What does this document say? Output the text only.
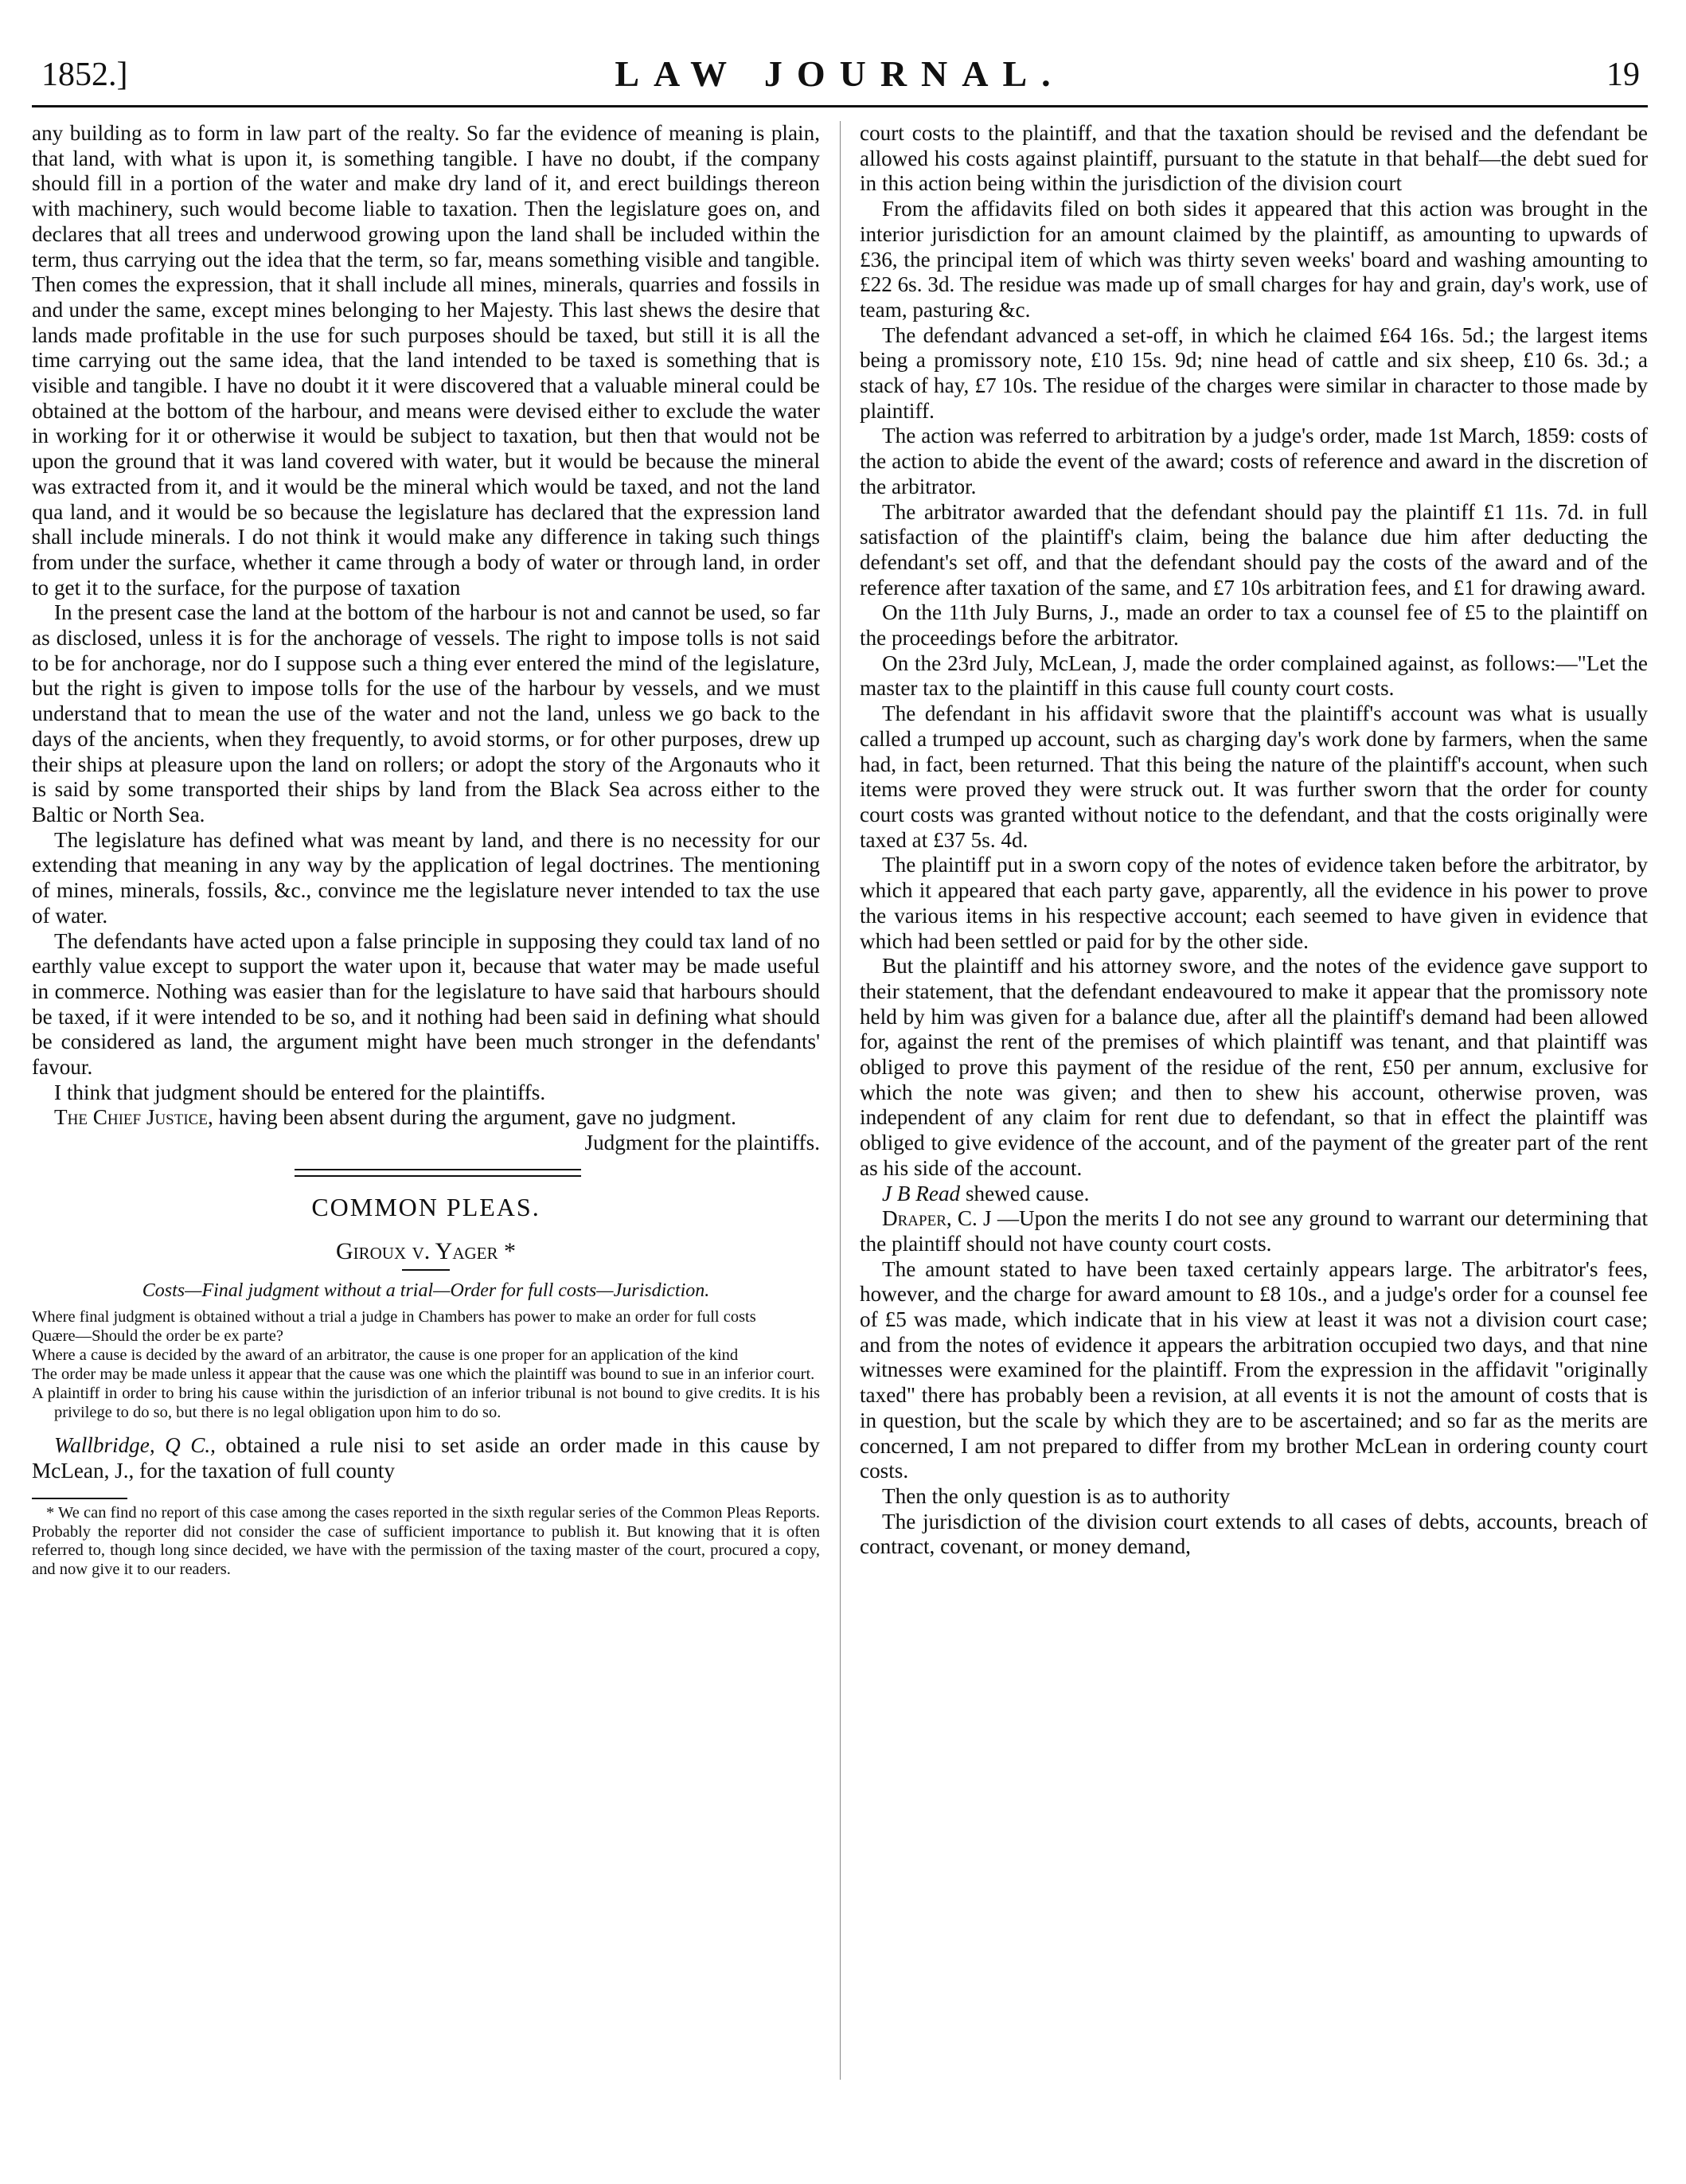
1852.]	LAW JOURNAL.	19

any building as to form in law part of the realty. So far the evidence of meaning is plain, that land, with what is upon it, is something tangible. I have no doubt, if the company should fill in a portion of the water and make dry land of it, and erect buildings thereon with machinery, such would become liable to taxation. Then the legislature goes on, and declares that all trees and underwood growing upon the land shall be included within the term, thus carrying out the idea that the term, so far, means something visible and tangible. Then comes the expression, that it shall include all mines, minerals, quarries and fossils in and under the same, except mines belonging to her Majesty. This last shews the desire that lands made profitable in the use for such purposes should be taxed, but still it is all the time carrying out the same idea, that the land intended to be taxed is something that is visible and tangible. I have no doubt it it were discovered that a valuable mineral could be obtained at the bottom of the harbour, and means were devised either to exclude the water in working for it or otherwise it would be subject to taxation, but then that would not be upon the ground that it was land covered with water, but it would be because the mineral was extracted from it, and it would be the mineral which would be taxed, and not the land qua land, and it would be so because the legislature has declared that the expression land shall include minerals. I do not think it would make any difference in taking such things from under the surface, whether it came through a body of water or through land, in order to get it to the surface, for the purpose of taxation

In the present case the land at the bottom of the harbour is not and cannot be used, so far as disclosed, unless it is for the anchorage of vessels. The right to impose tolls is not said to be for anchorage, nor do I suppose such a thing ever entered the mind of the legislature, but the right is given to impose tolls for the use of the harbour by vessels, and we must understand that to mean the use of the water and not the land, unless we go back to the days of the ancients, when they frequently, to avoid storms, or for other purposes, drew up their ships at pleasure upon the land on rollers; or adopt the story of the Argonauts who it is said by some transported their ships by land from the Black Sea across either to the Baltic or North Sea.

The legislature has defined what was meant by land, and there is no necessity for our extending that meaning in any way by the application of legal doctrines. The mentioning of mines, minerals, fossils, &c., convince me the legislature never intended to tax the use of water.

The defendants have acted upon a false principle in supposing they could tax land of no earthly value except to support the water upon it, because that water may be made useful in commerce. Nothing was easier than for the legislature to have said that harbours should be taxed, if it were intended to be so, and it nothing had been said in defining what should be considered as land, the argument might have been much stronger in the defendants' favour.

I think that judgment should be entered for the plaintiffs.

The Chief Justice, having been absent during the argument, gave no judgment.

Judgment for the plaintiffs.

COMMON PLEAS.
Giroux v. Yager *
Costs—Final judgment without a trial—Order for full costs—Jurisdiction.

Where final judgment is obtained without a trial a judge in Chambers has power to make an order for full costs

Quære—Should the order be ex parte?

Where a cause is decided by the award of an arbitrator, the cause is one proper for an application of the kind

The order may be made unless it appear that the cause was one which the plaintiff was bound to sue in an inferior court.

A plaintiff in order to bring his cause within the jurisdiction of an inferior tribunal is not bound to give credits. It is his privilege to do so, but there is no legal obligation upon him to do so.

Wallbridge, Q C., obtained a rule nisi to set aside an order made in this cause by McLean, J., for the taxation of full county

* We can find no report of this case among the cases reported in the sixth regular series of the Common Pleas Reports. Probably the reporter did not consider the case of sufficient importance to publish it. But knowing that it is often referred to, though long since decided, we have with the permission of the taxing master of the court, procured a copy, and now give it to our readers.

court costs to the plaintiff, and that the taxation should be revised and the defendant be allowed his costs against plaintiff, pursuant to the statute in that behalf—the debt sued for in this action being within the jurisdiction of the division court

From the affidavits filed on both sides it appeared that this action was brought in the interior jurisdiction for an amount claimed by the plaintiff, as amounting to upwards of £36, the principal item of which was thirty seven weeks' board and washing amounting to £22 6s. 3d. The residue was made up of small charges for hay and grain, day's work, use of team, pasturing &c.

The defendant advanced a set-off, in which he claimed £64 16s. 5d.; the largest items being a promissory note, £10 15s. 9d; nine head of cattle and six sheep, £10 6s. 3d.; a stack of hay, £7 10s. The residue of the charges were similar in character to those made by plaintiff.

The action was referred to arbitration by a judge's order, made 1st March, 1859: costs of the action to abide the event of the award; costs of reference and award in the discretion of the arbitrator.

The arbitrator awarded that the defendant should pay the plaintiff £1 11s. 7d. in full satisfaction of the plaintiff's claim, being the balance due him after deducting the defendant's set off, and that the defendant should pay the costs of the award and of the reference after taxation of the same, and £7 10s arbitration fees, and £1 for drawing award.

On the 11th July Burns, J., made an order to tax a counsel fee of £5 to the plaintiff on the proceedings before the arbitrator.

On the 23rd July, McLean, J, made the order complained against, as follows:—"Let the master tax to the plaintiff in this cause full county court costs.

The defendant in his affidavit swore that the plaintiff's account was what is usually called a trumped up account, such as charging day's work done by farmers, when the same had, in fact, been returned. That this being the nature of the plaintiff's account, when such items were proved they were struck out. It was further sworn that the order for county court costs was granted without notice to the defendant, and that the costs originally were taxed at £37 5s. 4d.

The plaintiff put in a sworn copy of the notes of evidence taken before the arbitrator, by which it appeared that each party gave, apparently, all the evidence in his power to prove the various items in his respective account; each seemed to have given in evidence that which had been settled or paid for by the other side.

But the plaintiff and his attorney swore, and the notes of the evidence gave support to their statement, that the defendant endeavoured to make it appear that the promissory note held by him was given for a balance due, after all the plaintiff's demand had been allowed for, against the rent of the premises of which plaintiff was tenant, and that plaintiff was obliged to prove this payment of the residue of the rent, £50 per annum, exclusive for which the note was given; and then to shew his account, otherwise proven, was independent of any claim for rent due to defendant, so that in effect the plaintiff was obliged to give evidence of the account, and of the payment of the greater part of the rent as his side of the account.

J B Read shewed cause.

Draper, C. J —Upon the merits I do not see any ground to warrant our determining that the plaintiff should not have county court costs.

The amount stated to have been taxed certainly appears large. The arbitrator's fees, however, and the charge for award amount to £8 10s., and a judge's order for a counsel fee of £5 was made, which indicate that in his view at least it was not a division court case; and from the notes of evidence it appears the arbitration occupied two days, and that nine witnesses were examined for the plaintiff. From the expression in the affidavit "originally taxed" there has probably been a revision, at all events it is not the amount of costs that is in question, but the scale by which they are to be ascertained; and so far as the merits are concerned, I am not prepared to differ from my brother McLean in ordering county court costs.

Then the only question is as to authority

The jurisdiction of the division court extends to all cases of debts, accounts, breach of contract, covenant, or money demand,
